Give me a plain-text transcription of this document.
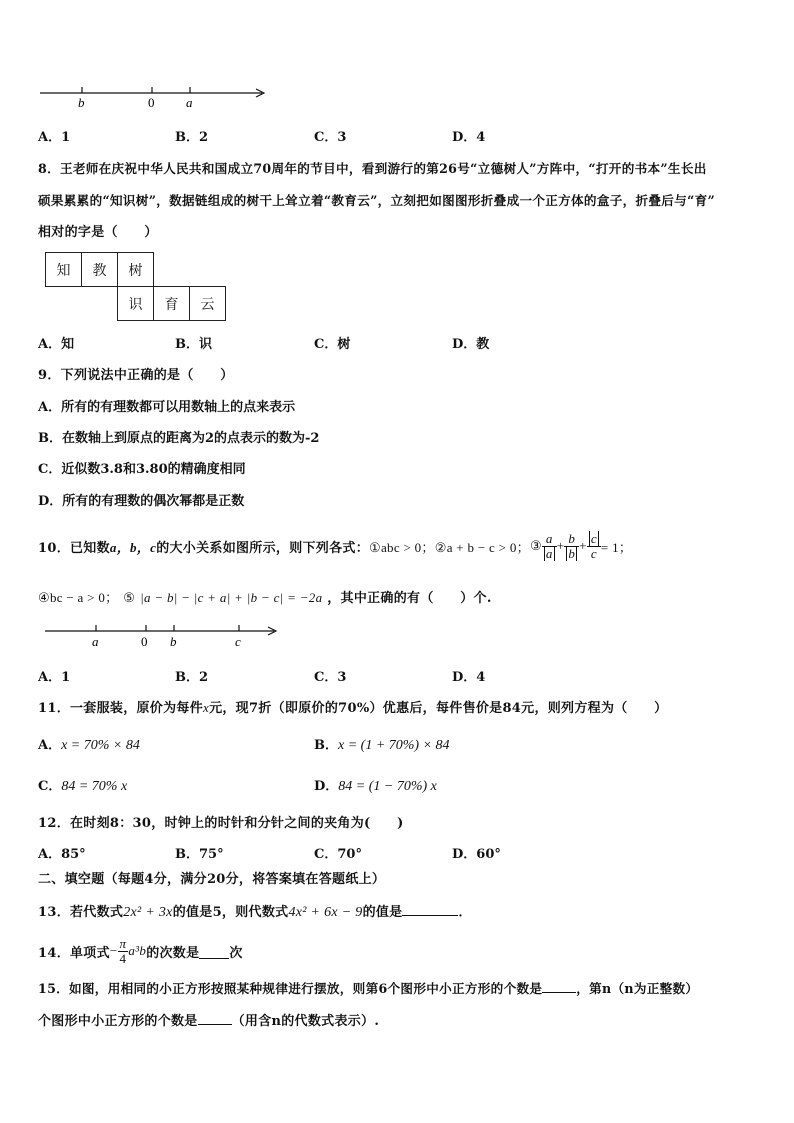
b	0 a
A．1	B．2	C．3	D．4
8．王老师在庆祝中华人民共和国成立70周年的节目中，看到游行的第26号“立德树人”方阵中，“打开的书本”生长出
硕果累累的“知识树”，数据链组成的树干上耸立着“教育云”，立刻把如图图形折叠成一个正方体的盒子，折叠后与“育”
相对的字是（　　）
知	教	树		
		识	育	云
A．知	B．识	C．树	D．教
9．下列说法中正确的是（　　）
A．所有的有理数都可以用数轴上的点来表示
B．在数轴上到原点的距离为2的点表示的数为-2
C．近似数3.8和3.80的精确度相同
D．所有的有理数的偶次幂都是正数
10．已知数 a，b，c 的大小关系如图所示，则下列各式： ①abc > 0； ②a + b − c > 0； ③ $\frac{a}{a} + \frac{b}{b} + \frac{c}{c} = 1$；
④bc − a > 0； ⑤ |a − b| − |c + a| + |b − c| = −2a ，其中正确的有（　　）个.
a	0 b	c
A．1	B．2	C．3	D．4
11．一套服装，原价为每件x元，现7折（即原价的70%）优惠后，每件售价是84元，则列方程为（　　）
A．x = 70% × 84	B．x = (1 + 70%) × 84
C．84 = 70% x	D．84 = (1 − 70%) x
12．在时刻8：30，时钟上的时针和分针之间的夹角为(　　)
A．85°	B．75°	C．70°	D．60°
二、填空题（每题4分，满分20分，将答案填在答题纸上）
13．若代数式2x² + 3x的值是5，则代数式4x² + 6x − 9的值是	．
14．单项式 − $\frac{\pi}{4} a^3b$ 的次数是 次
15．如图，用相同的小正方形按照某种规律进行摆放，则第6个图形中小正方形的个数是	，第n（n为正整数）
个图形中小正方形的个数是	（用含n的代数式表示）.
